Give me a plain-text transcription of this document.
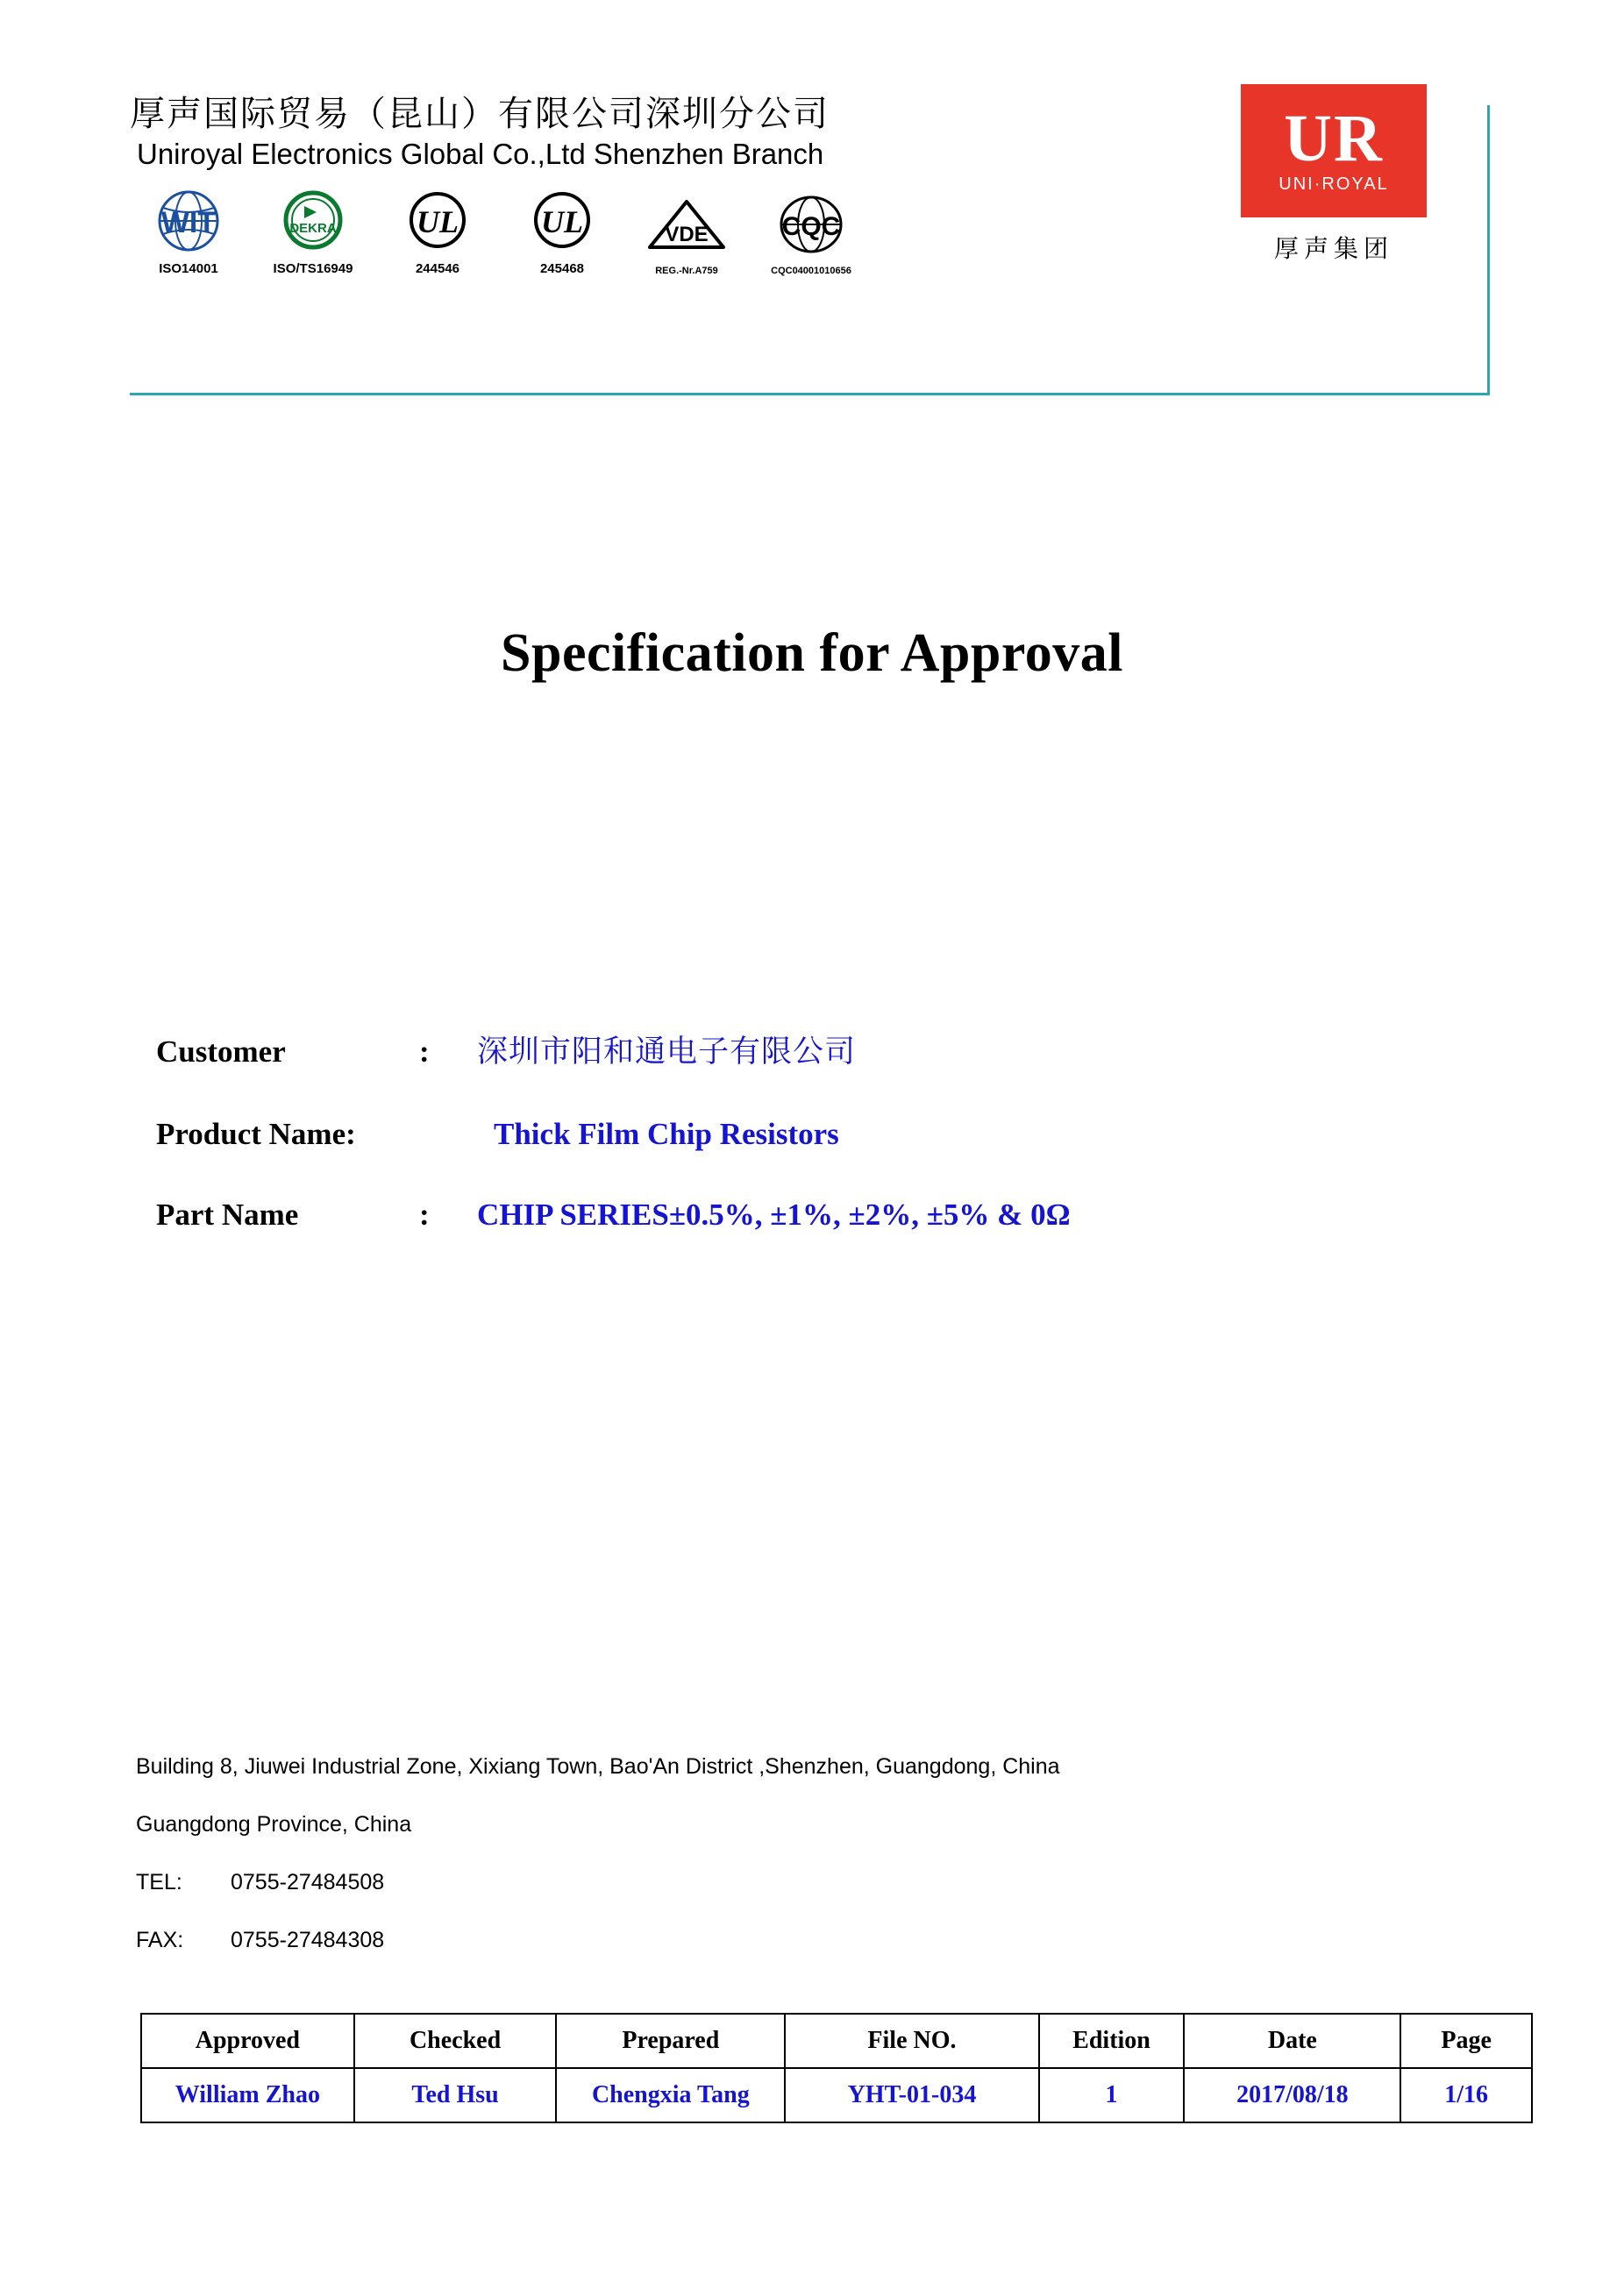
厚声国际贸易（昆山）有限公司深圳分公司
Uniroyal Electronics Global Co.,Ltd Shenzhen Branch
WIT
ISO14001
DEKRA
ISO/TS16949
UL
244546
UL
245468
VDE
REG.-Nr.A759
CQC
CQC04001010656
UR
UNI·ROYAL
厚声集团
Specification for Approval
Customer	:	深圳市阳和通电子有限公司
Product Name:	Thick Film Chip Resistors
Part Name	:	CHIP SERIES ±0.5%, ±1%, ±2%, ±5% & 0Ω
Building 8, Jiuwei Industrial Zone, Xixiang Town, Bao'An District ,Shenzhen, Guangdong, China
Guangdong Province, China
TEL: 0755-27484508
FAX: 0755-27484308
Approved	Checked	Prepared	File NO.	Edition	Date	Page
William Zhao	Ted Hsu	Chengxia Tang	YHT-01-034	1	2017/08/18	1/16
